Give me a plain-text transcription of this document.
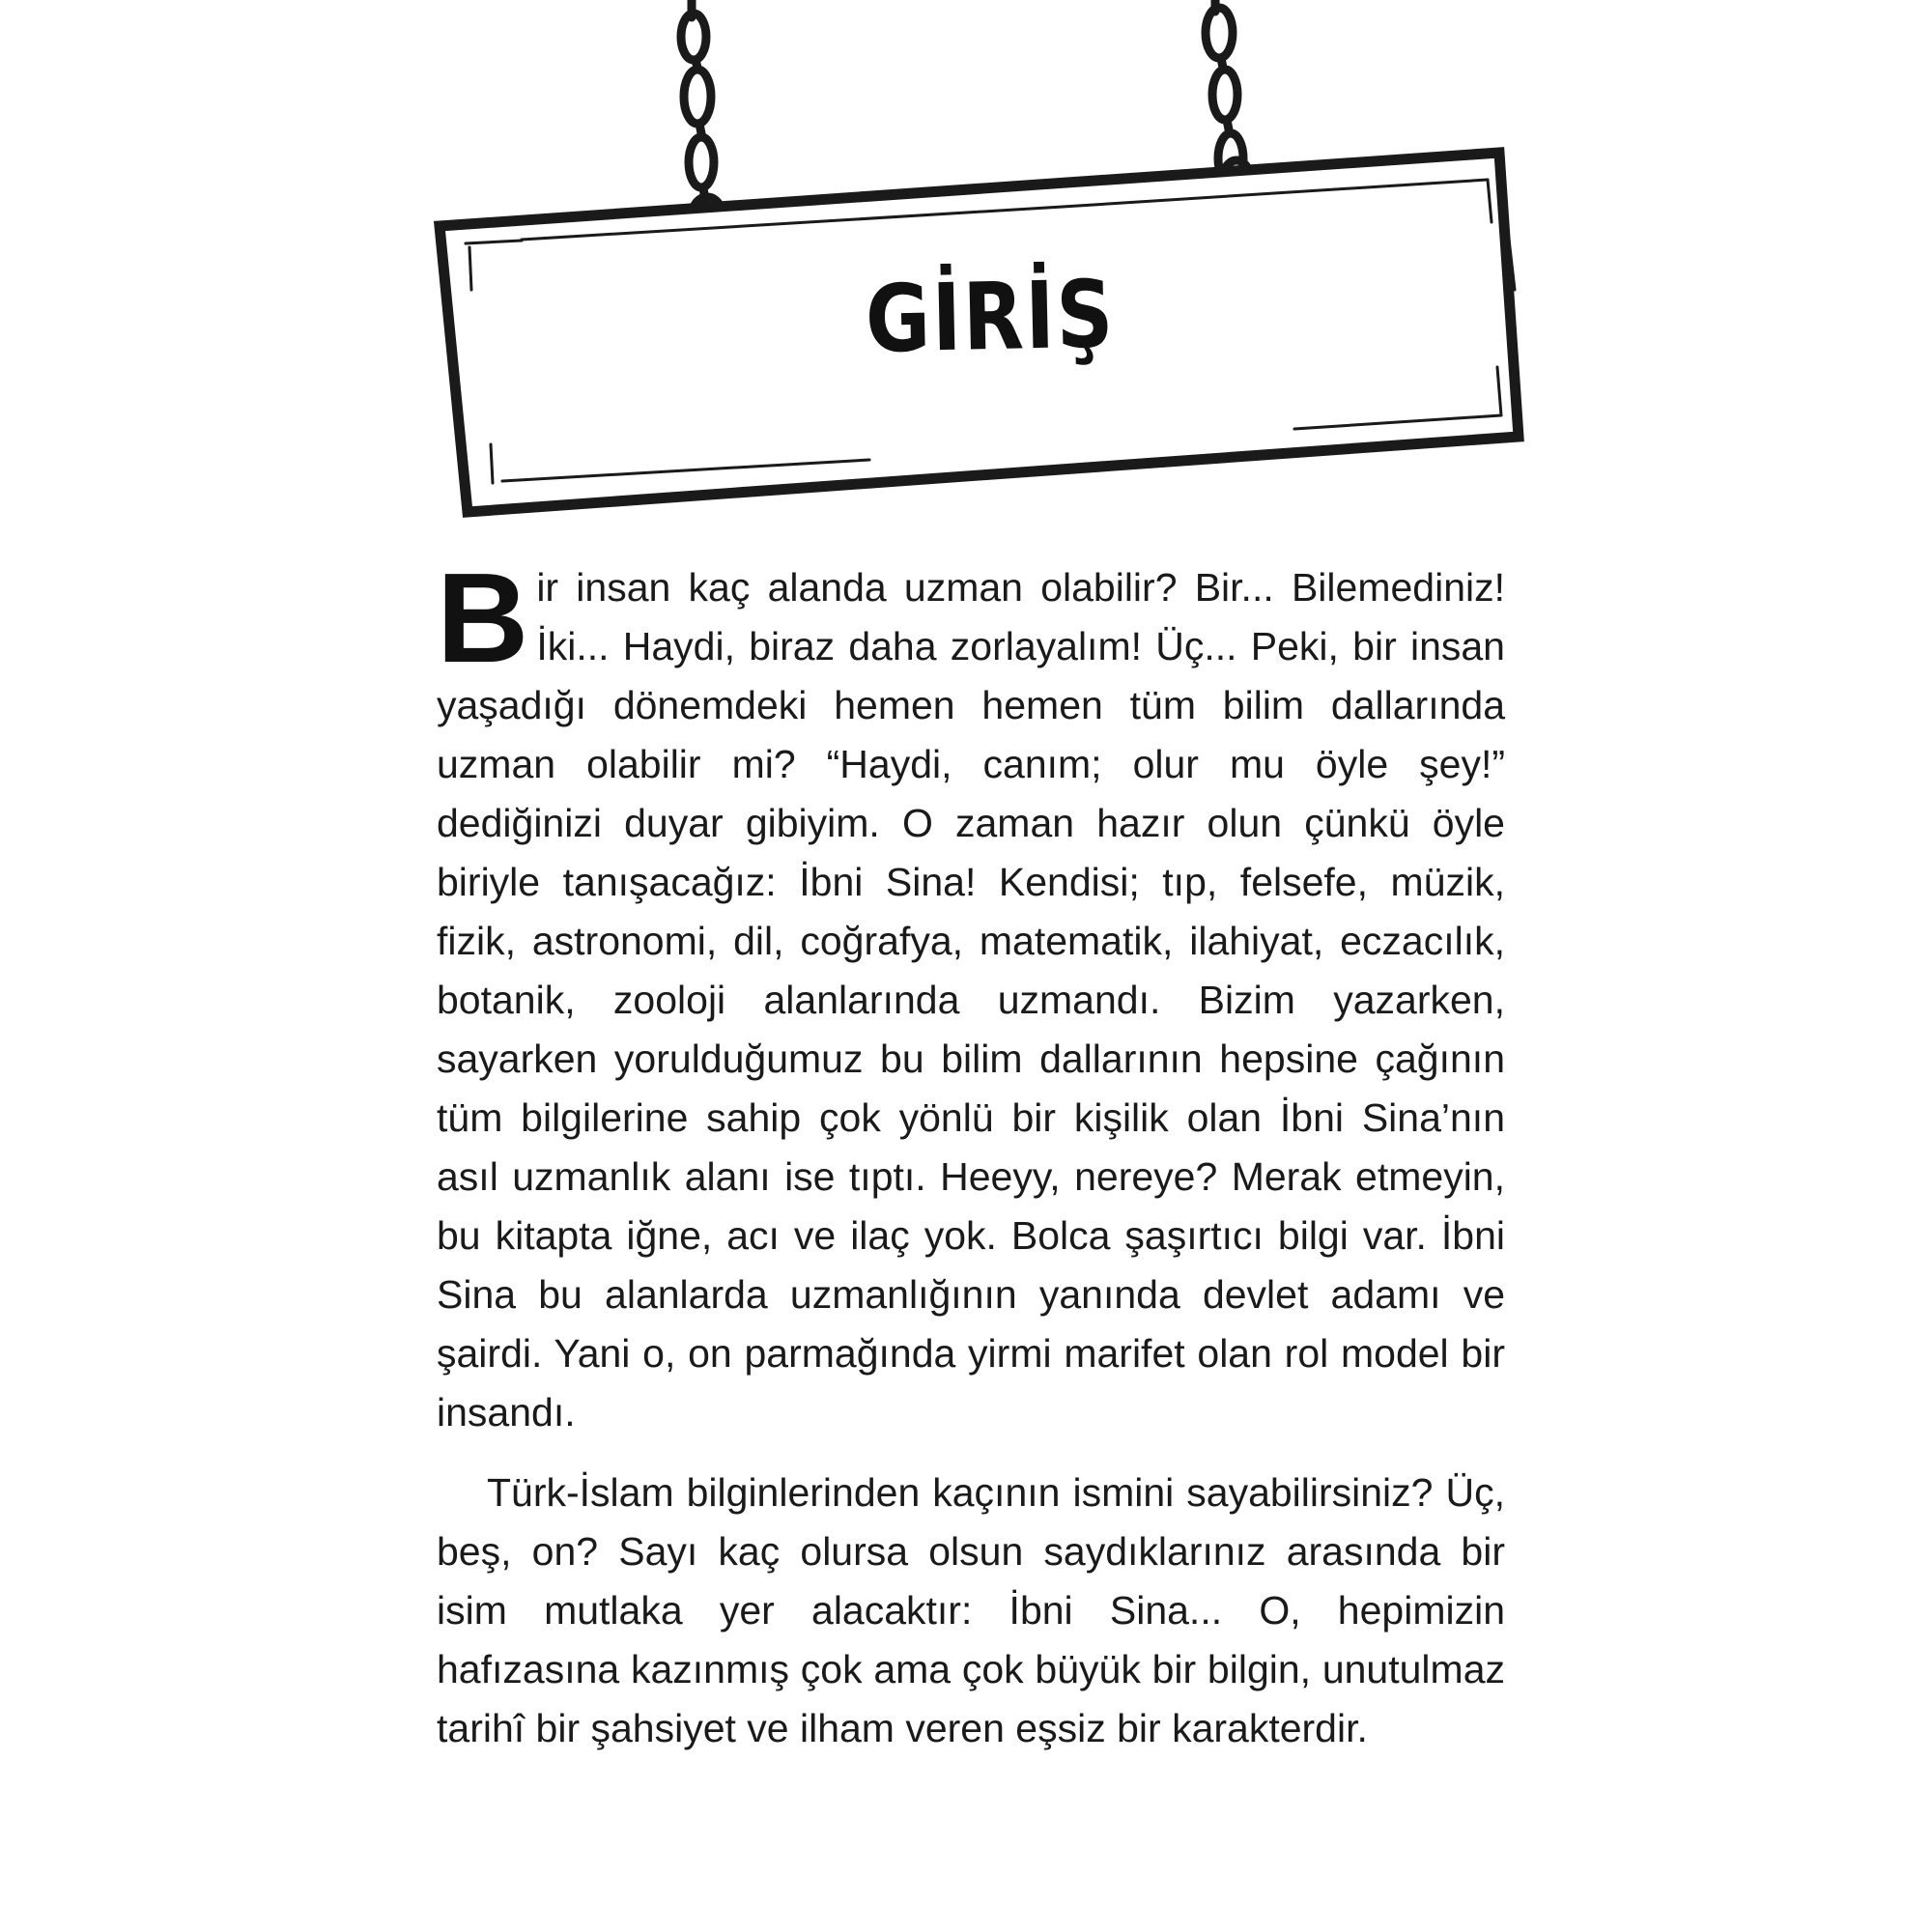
GİRİŞ

Bir insan kaç alanda uzman olabilir? Bir... Bilemediniz! İki... Haydi, biraz daha zorlayalım! Üç... Peki, bir insan yaşadığı dönemdeki hemen hemen tüm bilim dallarında uzman olabilir mi? “Haydi, canım; olur mu öyle şey!” dediğinizi duyar gibiyim. O zaman hazır olun çünkü öyle biriyle tanışacağız: İbni Sina! Kendisi; tıp, felsefe, müzik, fizik, astronomi, dil, coğrafya, matematik, ilahiyat, eczacılık, botanik, zooloji alanlarında uzmandı. Bizim yazarken, sayarken yorulduğumuz bu bilim dallarının hepsine çağının tüm bilgilerine sahip çok yönlü bir kişilik olan İbni Sina’nın asıl uzmanlık alanı ise tıptı. Heeyy, nereye? Merak etmeyin, bu kitapta iğne, acı ve ilaç yok. Bolca şaşırtıcı bilgi var. İbni Sina bu alanlarda uzmanlığının yanında devlet adamı ve şairdi. Yani o, on parmağında yirmi marifet olan rol model bir insandı.

Türk-İslam bilginlerinden kaçının ismini sayabilirsiniz? Üç, beş, on? Sayı kaç olursa olsun saydıklarınız arasında bir isim mutlaka yer alacaktır: İbni Sina... O, hepimizin hafızasına kazınmış çok ama çok büyük bir bilgin, unutulmaz tarihî bir şahsiyet ve ilham veren eşsiz bir karakterdir.
